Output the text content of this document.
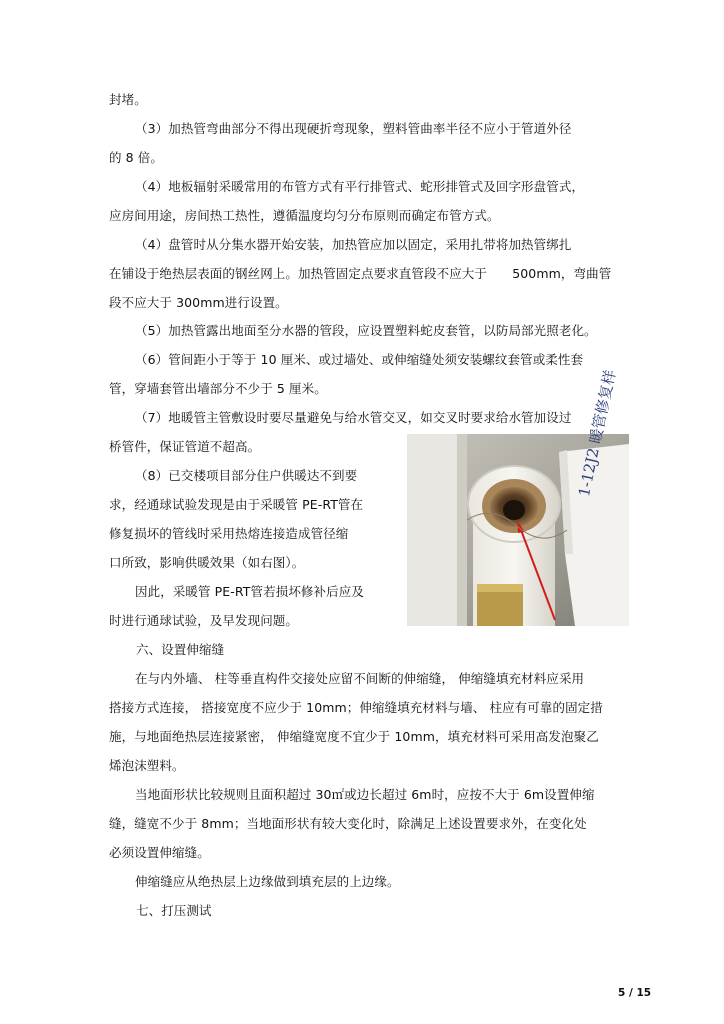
封堵。
（3）加热管弯曲部分不得出现硬折弯现象，塑料管曲率半径不应小于管道外径
的 8 倍。
（4）地板辐射采暖常用的布管方式有平行排管式、蛇形排管式及回字形盘管式，
应房间用途，房间热工热性，遵循温度均匀分布原则而确定布管方式。
（4）盘管时从分集水器开始安装，加热管应加以固定，采用扎带将加热管绑扎
在铺设于绝热层表面的钢丝网上。加热管固定点要求直管段不应大于　　500mm，弯曲管
段不应大于 300mm进行设置。
（5）加热管露出地面至分水器的管段，应设置塑料蛇皮套管，以防局部光照老化。
（6）管间距小于等于 10 厘米、或过墙处、或伸缩缝处须安装螺纹套管或柔性套
管，穿墙套管出墙部分不少于 5 厘米。
（7）地暖管主管敷设时要尽量避免与给水管交叉，如交叉时要求给水管加设过
桥管件，保证管道不超高。
（8）已交楼项目部分住户供暖达不到要
求，经通球试验发现是由于采暖管 PE-RT管在
修复损坏的管线时采用热熔连接造成管径缩
口所致，影响供暖效果（如右图）。
因此，采暖管 PE-RT管若损坏修补后应及
时进行通球试验，及早发现问题。
1-12J2 暖管修复样
六、设置伸缩缝
在与内外墙、 柱等垂直构件交接处应留不间断的伸缩缝， 伸缩缝填充材料应采用
搭接方式连接， 搭接宽度不应少于 10mm；伸缩缝填充材料与墙、 柱应有可靠的固定措
施，与地面绝热层连接紧密， 伸缩缝宽度不宜少于 10mm，填充材料可采用高发泡聚乙
烯泡沫塑料。
当地面形状比较规则且面积超过 30㎡或边长超过 6m时，应按不大于 6m设置伸缩
缝，缝宽不少于 8mm；当地面形状有较大变化时，除满足上述设置要求外，在变化处
必须设置伸缩缝。
伸缩缝应从绝热层上边缘做到填充层的上边缘。
七、打压测试
5 / 15
